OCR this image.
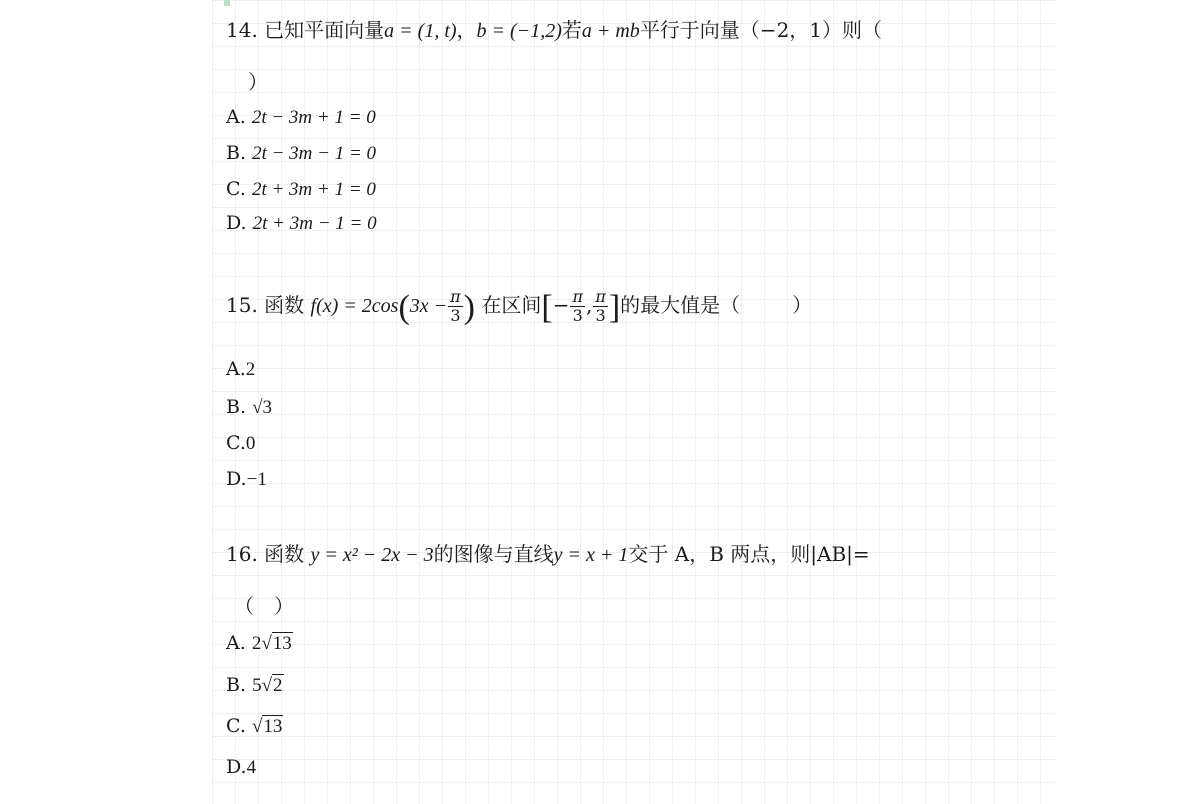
14. 已知平面向量a = (1, t)，b = (−1,2)若a + mb平行于向量（−2，1）则（
）
A. 2t − 3m + 1 = 0
B. 2t − 3m − 1 = 0
C. 2t + 3m + 1 = 0
D. 2t + 3m − 1 = 0
15. 函数 $f(x) = 2\cos(3x - \frac{\pi}{3}$ ) 在区间[− $\frac{\pi}{3}$ , $\frac{\pi}{3}$ ]的最大值是（	）
A.2
B. √3
C.0
D.−1
16. 函数 y = x² − 2x − 3的图像与直线y = x + 1交于 A，B 两点，则|AB|=
（　）
A. 2√13
B. 5√2
C. √13
D.4
